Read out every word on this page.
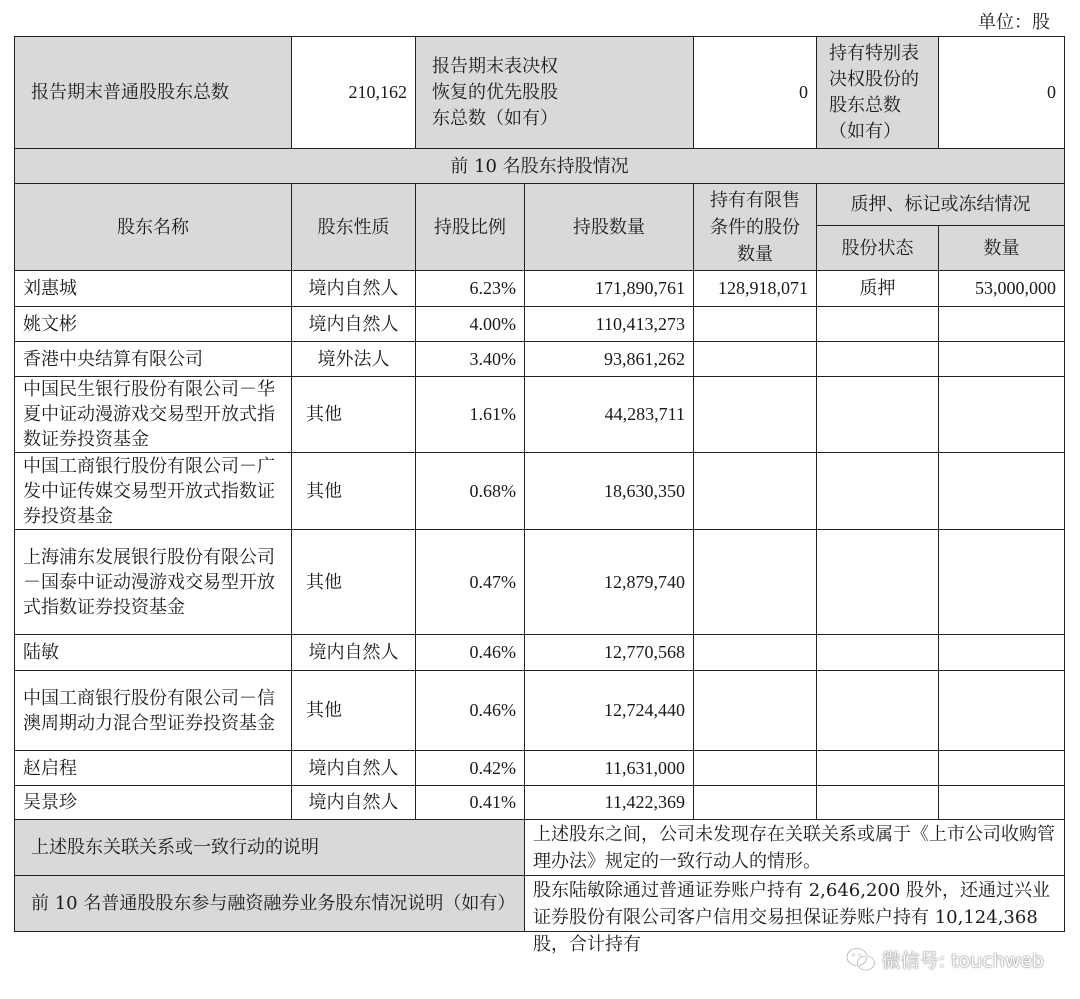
单位：股
报告期末普通股股东总数	210,162	报告期末表决权恢复的优先股股东总数（如有）		0	持有特别表决权股份的股东总数（如有）	0
前 10 名股东持股情况						
股东名称	股东性质	持股比例	持股数量	持有有限售条件的股份数量	质押、标记或冻结情况	
					股份状态	数量
刘惠城	境内自然人	6.23%	171,890,761	128,918,071	质押	53,000,000
姚文彬	境内自然人	4.00%	110,413,273			
香港中央结算有限公司	境外法人	3.40%	93,861,262			
中国民生银行股份有限公司－华夏中证动漫游戏交易型开放式指数证券投资基金	其他	1.61%	44,283,711			
中国工商银行股份有限公司－广发中证传媒交易型开放式指数证券投资基金	其他	0.68%	18,630,350			
上海浦东发展银行股份有限公司－国泰中证动漫游戏交易型开放式指数证券投资基金	其他	0.47%	12,879,740			
陆敏	境内自然人	0.46%	12,770,568			
中国工商银行股份有限公司－信澳周期动力混合型证券投资基金	其他	0.46%	12,724,440			
赵启程	境内自然人	0.42%	11,631,000			
吴景珍	境内自然人	0.41%	11,422,369			
上述股东关联关系或一致行动的说明			上述股东之间，公司未发现存在关联关系或属于《上市公司收购管理办法》规定的一致行动人的情形。			
前 10 名普通股股东参与融资融券业务股东情况说明（如有）			股东陆敏除通过普通证券账户持有 2,646,200 股外，还通过兴业证券股份有限公司客户信用交易担保证券账户持有 10,124,368 股，合计持有			
微信号: touchweb
